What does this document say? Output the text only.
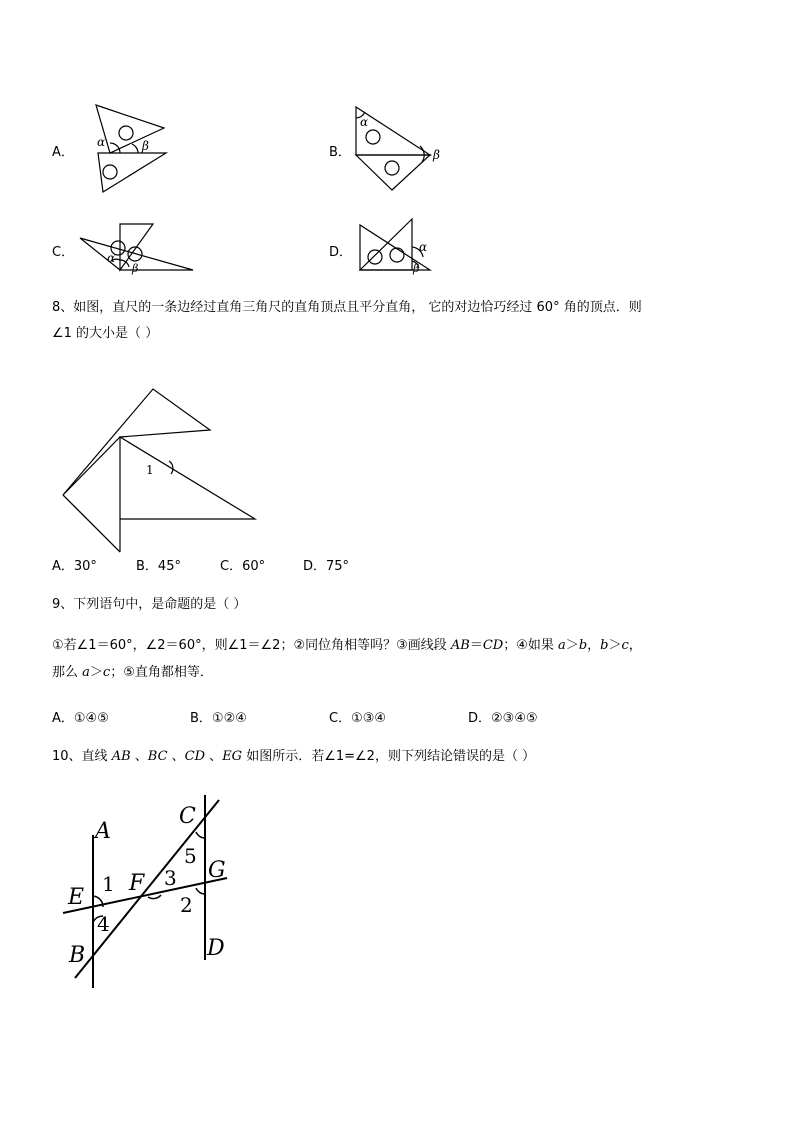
A．
α	β	B．
α
β
C．	α
β
D．	α
β
8、如图，直尺的一条边经过直角三角尺的直角顶点且平分直角， 它的对边恰巧经过 60° 角的顶点．则
∠1 的大小是（ ）
1
A．30°	B．45°	C．60°	D．75°
9、下列语句中，是命题的是（ ）
①若∠1＝60°，∠2＝60°，则∠1＝∠2；②同位角相等吗？③画线段 AB＝CD；④如果 a＞b，b＞c，
那么 a＞c；⑤直角都相等．
A．①④⑤	B．①②④	C．①③④	D．②③④⑤
10、直线 AB 、BC 、CD 、EG 如图所示．若∠1=∠2，则下列结论错误的是（ ）
A
C
E
F
G
B	D
1 3
5
2
4
